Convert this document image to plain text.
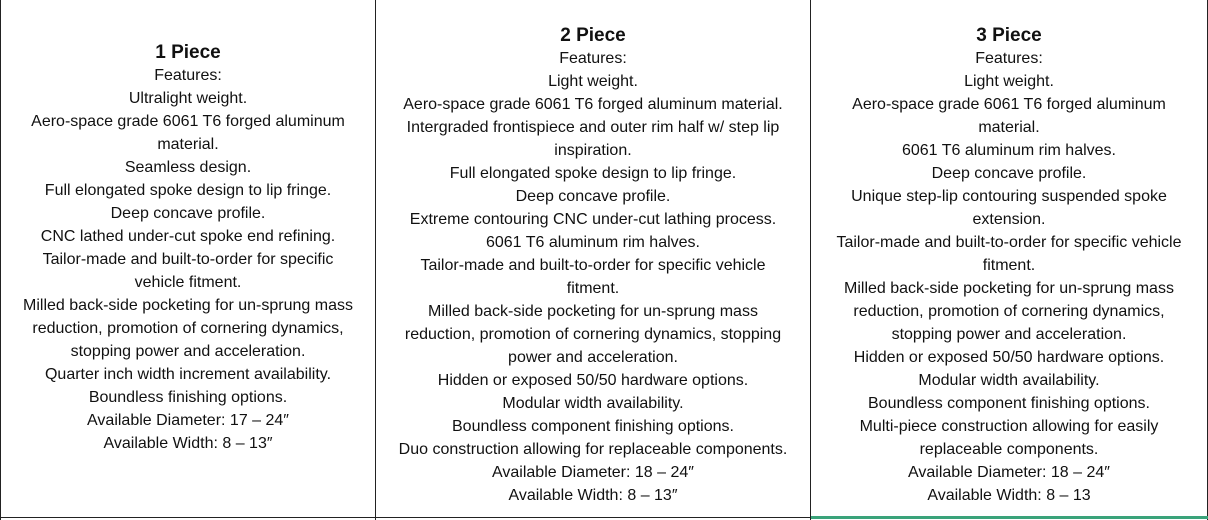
1 Piece
Features:
Ultralight weight.
Aero-space grade 6061 T6 forged aluminum
material.
Seamless design.
Full elongated spoke design to lip fringe.
Deep concave profile.
CNC lathed under-cut spoke end refining.
Tailor-made and built-to-order for specific
vehicle fitment.
Milled back-side pocketing for un-sprung mass
reduction, promotion of cornering dynamics,
stopping power and acceleration.
Quarter inch width increment availability.
Boundless finishing options.
Available Diameter: 17 – 24″
Available Width: 8 – 13″
2 Piece
Features:
Light weight.
Aero-space grade 6061 T6 forged aluminum material.
Intergraded frontispiece and outer rim half w/ step lip
inspiration.
Full elongated spoke design to lip fringe.
Deep concave profile.
Extreme contouring CNC under-cut lathing process.
6061 T6 aluminum rim halves.
Tailor-made and built-to-order for specific vehicle
fitment.
Milled back-side pocketing for un-sprung mass
reduction, promotion of cornering dynamics, stopping
power and acceleration.
Hidden or exposed 50/50 hardware options.
Modular width availability.
Boundless component finishing options.
Duo construction allowing for replaceable components.
Available Diameter: 18 – 24″
Available Width: 8 – 13″
3 Piece
Features:
Light weight.
Aero-space grade 6061 T6 forged aluminum
material.
6061 T6 aluminum rim halves.
Deep concave profile.
Unique step-lip contouring suspended spoke
extension.
Tailor-made and built-to-order for specific vehicle
fitment.
Milled back-side pocketing for un-sprung mass
reduction, promotion of cornering dynamics,
stopping power and acceleration.
Hidden or exposed 50/50 hardware options.
Modular width availability.
Boundless component finishing options.
Multi-piece construction allowing for easily
replaceable components.
Available Diameter: 18 – 24″
Available Width: 8 – 13
